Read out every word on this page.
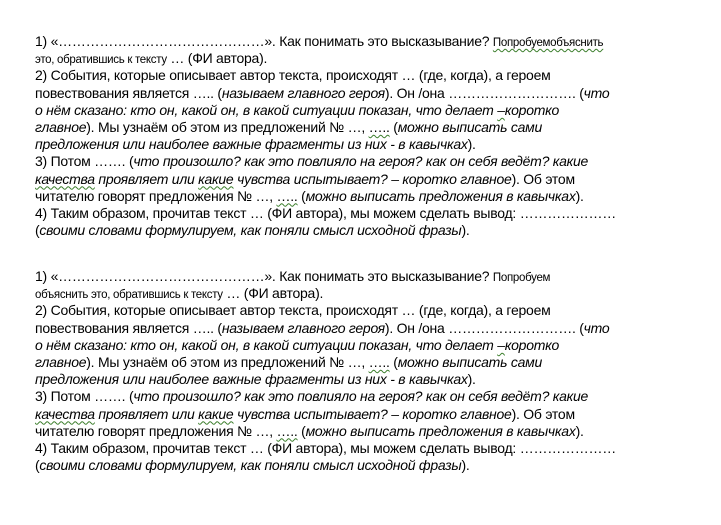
1) «………………………………………». Как понимать это высказывание? Попробуемобъяснить
это, обратившись к тексту … (ФИ автора).
2) События, которые описывает автор текста, происходят … (где, когда), а героем
повествования является ….. (называем главного героя). Он /она ………………………. (что
о нём сказано: кто он, какой он, в какой ситуации показан, что делает –коротко
главное). Мы узнаём об этом из предложений № …, ….. (можно выписать сами
предложения или наиболее важные фрагменты из них - в кавычках).
3) Потом ……. (что произошло? как это повлияло на героя? как он себя ведёт? какие
качества проявляет или какие чувства испытывает? – коротко главное). Об этом
читателю говорят предложения № …, ….. (можно выписать предложения в кавычках).
4) Таким образом, прочитав текст … (ФИ автора), мы можем сделать вывод: …………………
(своими словами формулируем, как поняли смысл исходной фразы).
1) «………………………………………». Как понимать это высказывание? Попробуем
объяснить это, обратившись к тексту … (ФИ автора).
2) События, которые описывает автор текста, происходят … (где, когда), а героем
повествования является ….. (называем главного героя). Он /она ………………………. (что
о нём сказано: кто он, какой он, в какой ситуации показан, что делает –коротко
главное). Мы узнаём об этом из предложений № …, ….. (можно выписать сами
предложения или наиболее важные фрагменты из них - в кавычках).
3) Потом ……. (что произошло? как это повлияло на героя? как он себя ведёт? какие
качества проявляет или какие чувства испытывает? – коротко главное). Об этом
читателю говорят предложения № …, ….. (можно выписать предложения в кавычках).
4) Таким образом, прочитав текст … (ФИ автора), мы можем сделать вывод: …………………
(своими словами формулируем, как поняли смысл исходной фразы).
